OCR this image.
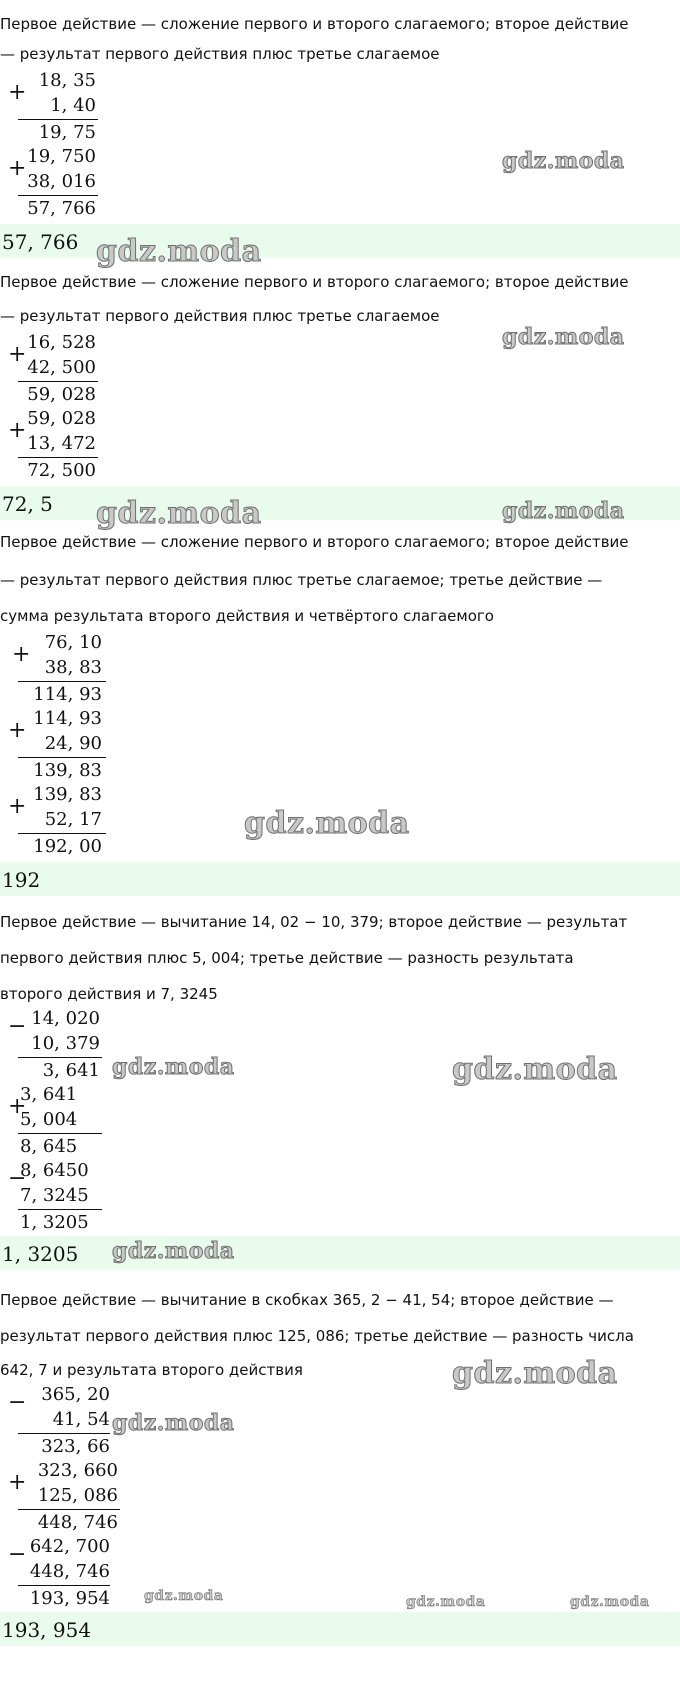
Первое действие — сложение первого и второго слагаемого; второе действие
— результат первого действия плюс третье слагаемое
+ 18, 35
1, 40
19, 75
+ 19, 750
38, 016
57, 766
57, 766
Первое действие — сложение первого и второго слагаемого; второе действие
— результат первого действия плюс третье слагаемое
+ 16, 528
42, 500
59, 028
+ 59, 028
13, 472
72, 500
72, 5
Первое действие — сложение первого и второго слагаемого; второе действие
— результат первого действия плюс третье слагаемое; третье действие —
сумма результата второго действия и четвёртого слагаемого
+ 76, 10
38, 83
114, 93
+ 114, 93
24, 90
139, 83
+ 139, 83
52, 17
192, 00
192
Первое действие — вычитание 14, 02 − 10, 379; второе действие — результат
первого действия плюс 5, 004; третье действие — разность результата
второго действия и 7, 3245
− 14, 020
10, 379
3, 641
+
3, 641
5, 004
8, 645
−
8, 6450
7, 3245
1, 3205
1, 3205
Первое действие — вычитание в скобках 365, 2 − 41, 54; второе действие —
результат первого действия плюс 125, 086; третье действие — разность числа
642, 7 и результата второго действия
− 365, 20
41, 54
323, 66
+ 323, 660
125, 086
448, 746
− 642, 700
448, 746
193, 954
193, 954
gdz.moda
gdz.moda
gdz.moda
gdz.moda	gdz.moda
gdz.moda
gdz.moda	gdz.moda
gdz.moda
gdz.moda
gdz.moda
gdz.moda	gdz.moda	gdz.moda
